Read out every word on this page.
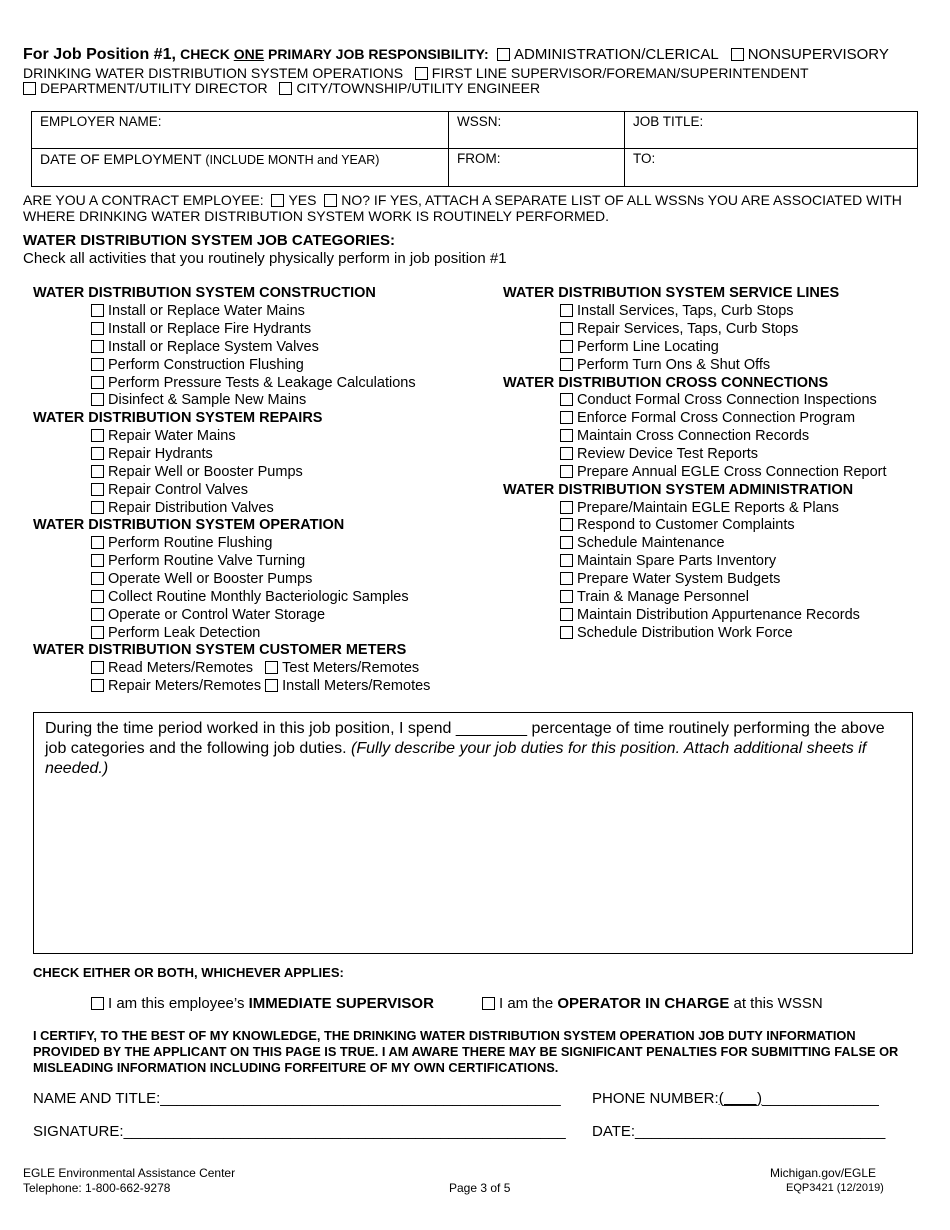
For Job Position #1, CHECK ONE PRIMARY JOB RESPONSIBILITY: ADMINISTRATION/CLERICAL NONSUPERVISORY
DRINKING WATER DISTRIBUTION SYSTEM OPERATIONS FIRST LINE SUPERVISOR/FOREMAN/SUPERINTENDENT
DEPARTMENT/UTILITY DIRECTOR CITY/TOWNSHIP/UTILITY ENGINEER
EMPLOYER NAME:	WSSN:	JOB TITLE:
DATE OF EMPLOYMENT (INCLUDE MONTH and YEAR)	FROM:	TO:
ARE YOU A CONTRACT EMPLOYEE: YES NO? IF YES, ATTACH A SEPARATE LIST OF ALL WSSNs YOU ARE ASSOCIATED WITH
WHERE DRINKING WATER DISTRIBUTION SYSTEM WORK IS ROUTINELY PERFORMED.
WATER DISTRIBUTION SYSTEM JOB CATEGORIES:
Check all activities that you routinely physically perform in job position #1
WATER DISTRIBUTION SYSTEM CONSTRUCTION
Install or Replace Water Mains
Install or Replace Fire Hydrants
Install or Replace System Valves
Perform Construction Flushing
Perform Pressure Tests & Leakage Calculations
Disinfect & Sample New Mains
WATER DISTRIBUTION SYSTEM REPAIRS
Repair Water Mains
Repair Hydrants
Repair Well or Booster Pumps
Repair Control Valves
Repair Distribution Valves
WATER DISTRIBUTION SYSTEM OPERATION
Perform Routine Flushing
Perform Routine Valve Turning
Operate Well or Booster Pumps
Collect Routine Monthly Bacteriologic Samples
Operate or Control Water Storage
Perform Leak Detection
WATER DISTRIBUTION SYSTEM CUSTOMER METERS
Read Meters/Remotes Test Meters/Remotes
Repair Meters/Remotes Install Meters/Remotes
WATER DISTRIBUTION SYSTEM SERVICE LINES
Install Services, Taps, Curb Stops
Repair Services, Taps, Curb Stops
Perform Line Locating
Perform Turn Ons & Shut Offs
WATER DISTRIBUTION CROSS CONNECTIONS
Conduct Formal Cross Connection Inspections
Enforce Formal Cross Connection Program
Maintain Cross Connection Records
Review Device Test Reports
Prepare Annual EGLE Cross Connection Report
WATER DISTRIBUTION SYSTEM ADMINISTRATION
Prepare/Maintain EGLE Reports & Plans
Respond to Customer Complaints
Schedule Maintenance
Maintain Spare Parts Inventory
Prepare Water System Budgets
Train & Manage Personnel
Maintain Distribution Appurtenance Records
Schedule Distribution Work Force
During the time period worked in this job position, I spend ________ percentage of time routinely performing the above job categories and the following job duties. (Fully describe your job duties for this position. Attach additional sheets if needed.)
CHECK EITHER OR BOTH, WHICHEVER APPLIES:
I am this employee’s IMMEDIATE SUPERVISOR	I am the OPERATOR IN CHARGE at this WSSN
I CERTIFY, TO THE BEST OF MY KNOWLEDGE, THE DRINKING WATER DISTRIBUTION SYSTEM OPERATION JOB DUTY INFORMATION PROVIDED BY THE APPLICANT ON THIS PAGE IS TRUE. I AM AWARE THERE MAY BE SIGNIFICANT PENALTIES FOR SUBMITTING FALSE OR MISLEADING INFORMATION INCLUDING FORFEITURE OF MY OWN CERTIFICATIONS.
NAME AND TITLE:________________________________________________ PHONE NUMBER:(____)______________
SIGNATURE:_____________________________________________________ DATE:______________________________
EGLE Environmental Assistance Center
Telephone: 1-800-662-9278	Page 3 of 5
Michigan.gov/EGLE
EQP3421 (12/2019)
